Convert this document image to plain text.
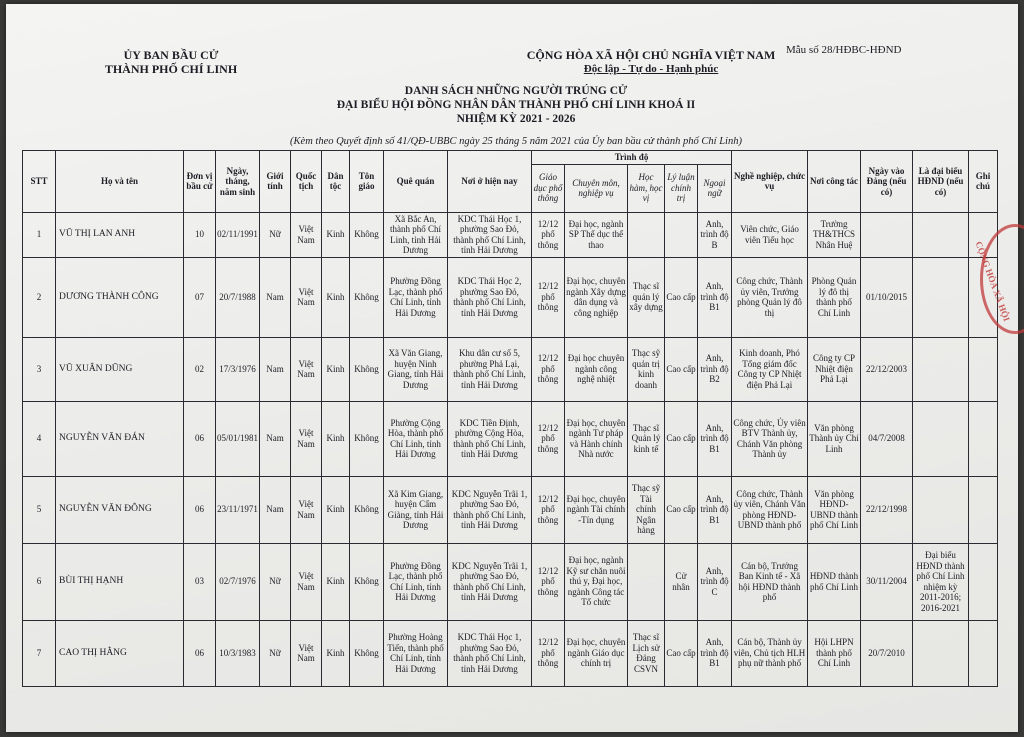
ỦY BAN BẦU CỬ
THÀNH PHỐ CHÍ LINH
CỘNG HÒA XÃ HỘI CHỦ NGHĨA VIỆT NAM
Độc lập - Tự do - Hạnh phúc
Mẫu số 28/HĐBC-HĐND
DANH SÁCH NHỮNG NGƯỜI TRÚNG CỬ
ĐẠI BIỂU HỘI ĐỒNG NHÂN DÂN THÀNH PHỐ CHÍ LINH KHOÁ II
NHIỆM KỲ 2021 - 2026
(Kèm theo Quyết định số 41/QĐ-UBBC ngày 25 tháng 5 năm 2021 của Ủy ban bầu cử thành phố Chí Linh)
STT	Họ và tên	Đơn vị bầu cử	Ngày, tháng, năm sinh	Giới tính	Quốc tịch	Dân tộc	Tôn giáo	Quê quán	Nơi ở hiện nay	Trình độ					Nghề nghiệp, chức vụ	Nơi công tác	Ngày vào Đảng (nếu có)	Là đại biểu HĐND (nếu có)	Ghi chú
										Giáo dục phổ thông	Chuyên môn, nghiệp vụ	Học hàm, học vị	Lý luận chính trị	Ngoại ngữ					
1	VŨ THỊ LAN ANH	10	02/11/1991	Nữ	Việt Nam	Kinh	Không	Xã Bắc An, thành phố Chí Linh, tỉnh Hải Dương	KDC Thái Học 1, phường Sao Đỏ, thành phố Chí Linh, tỉnh Hải Dương	12/12 phổ thông	Đại học, ngành SP Thể dục thể thao			Anh, trình độ B	Viên chức, Giáo viên Tiểu học	Trường TH&THCS Nhân Huệ			
2	DƯƠNG THÀNH CÔNG	07	20/7/1988	Nam	Việt Nam	Kinh	Không	Phường Đồng Lạc, thành phố Chí Linh, tỉnh Hải Dương	KDC Thái Học 2, phường Sao Đỏ, thành phố Chí Linh, tỉnh Hải Dương	12/12 phổ thông	Đại học, chuyên ngành Xây dựng dân dụng và công nghiệp	Thạc sĩ quản lý xây dựng	Cao cấp	Anh, trình độ B1	Công chức, Thành ủy viên, Trưởng phòng Quản lý đô thị	Phòng Quản lý đô thị thành phố Chí Linh	01/10/2015		
3	VŨ XUÂN DŨNG	02	17/3/1976	Nam	Việt Nam	Kinh	Không	Xã Văn Giang, huyện Ninh Giang, tỉnh Hải Dương	Khu dân cư số 5, phường Phả Lại, thành phố Chí Linh, tỉnh Hải Dương	12/12 phổ thông	Đại học chuyên ngành công nghệ nhiệt	Thạc sỹ quản trị kinh doanh	Cao cấp	Anh, trình độ B2	Kinh doanh, Phó Tổng giám đốc Công ty CP Nhiệt điện Phả Lại	Công ty CP Nhiệt điện Phả Lại	22/12/2003		
4	NGUYỄN VĂN ĐÁN	06	05/01/1981	Nam	Việt Nam	Kinh	Không	Phường Cộng Hòa, thành phố Chí Linh, tỉnh Hải Dương	KDC Tiền Định, phường Cộng Hòa, thành phố Chí Linh, tỉnh Hải Dương	12/12 phổ thông	Đại học, chuyên ngành Tư pháp và Hành chính Nhà nước	Thạc sĩ Quản lý kinh tế	Cao cấp	Anh, trình độ B1	Công chức, Ủy viên BTV Thành ủy, Chánh Văn phòng Thành ủy	Văn phòng Thành ủy Chí Linh	04/7/2008		
5	NGUYỄN VĂN ĐÔNG	06	23/11/1971	Nam	Việt Nam	Kinh	Không	Xã Kim Giang, huyện Cẩm Giàng, tỉnh Hải Dương	KDC Nguyễn Trãi 1, phường Sao Đỏ, thành phố Chí Linh, tỉnh Hải Dương	12/12 phổ thông	Đại học, chuyên ngành Tài chính -Tín dụng	Thạc sỹ Tài chính Ngân hàng	Cao cấp	Anh, trình độ B1	Công chức, Thành ủy viên, Chánh Văn phòng HĐND-UBND thành phố	Văn phòng HĐND-UBND thành phố Chí Linh	22/12/1998		
6	BÙI THỊ HẠNH	03	02/7/1976	Nữ	Việt Nam	Kinh	Không	Phường Đồng Lạc, thành phố Chí Linh, tỉnh Hải Dương	KDC Nguyễn Trãi 1, phường Sao Đỏ, thành phố Chí Linh, tỉnh Hải Dương	12/12 phổ thông	Đại học, ngành Kỹ sư chăn nuôi thú y, Đại học, ngành Công tác Tổ chức		Cử nhân	Anh, trình độ C	Cán bộ, Trưởng Ban Kinh tế - Xã hội HĐND thành phố	HĐND thành phố Chí Linh	30/11/2004	Đại biểu HĐND thành phố Chí Linh nhiệm kỳ 2011-2016; 2016-2021	
7	CAO THỊ HẰNG	06	10/3/1983	Nữ	Việt Nam	Kinh	Không	Phường Hoàng Tiến, thành phố Chí Linh, tỉnh Hải Dương	KDC Thái Học 1, phường Sao Đỏ, thành phố Chí Linh, tỉnh Hải Dương	12/12 phổ thông	Đại học, chuyên ngành Giáo dục chính trị	Thạc sĩ Lịch sử Đảng CSVN	Cao cấp	Anh, trình độ B1	Cán bộ, Thành ủy viên, Chủ tịch HLH phụ nữ thành phố	Hội LHPN thành phố Chí Linh	20/7/2010		
CỘNG HÒA XÃ HỘI
